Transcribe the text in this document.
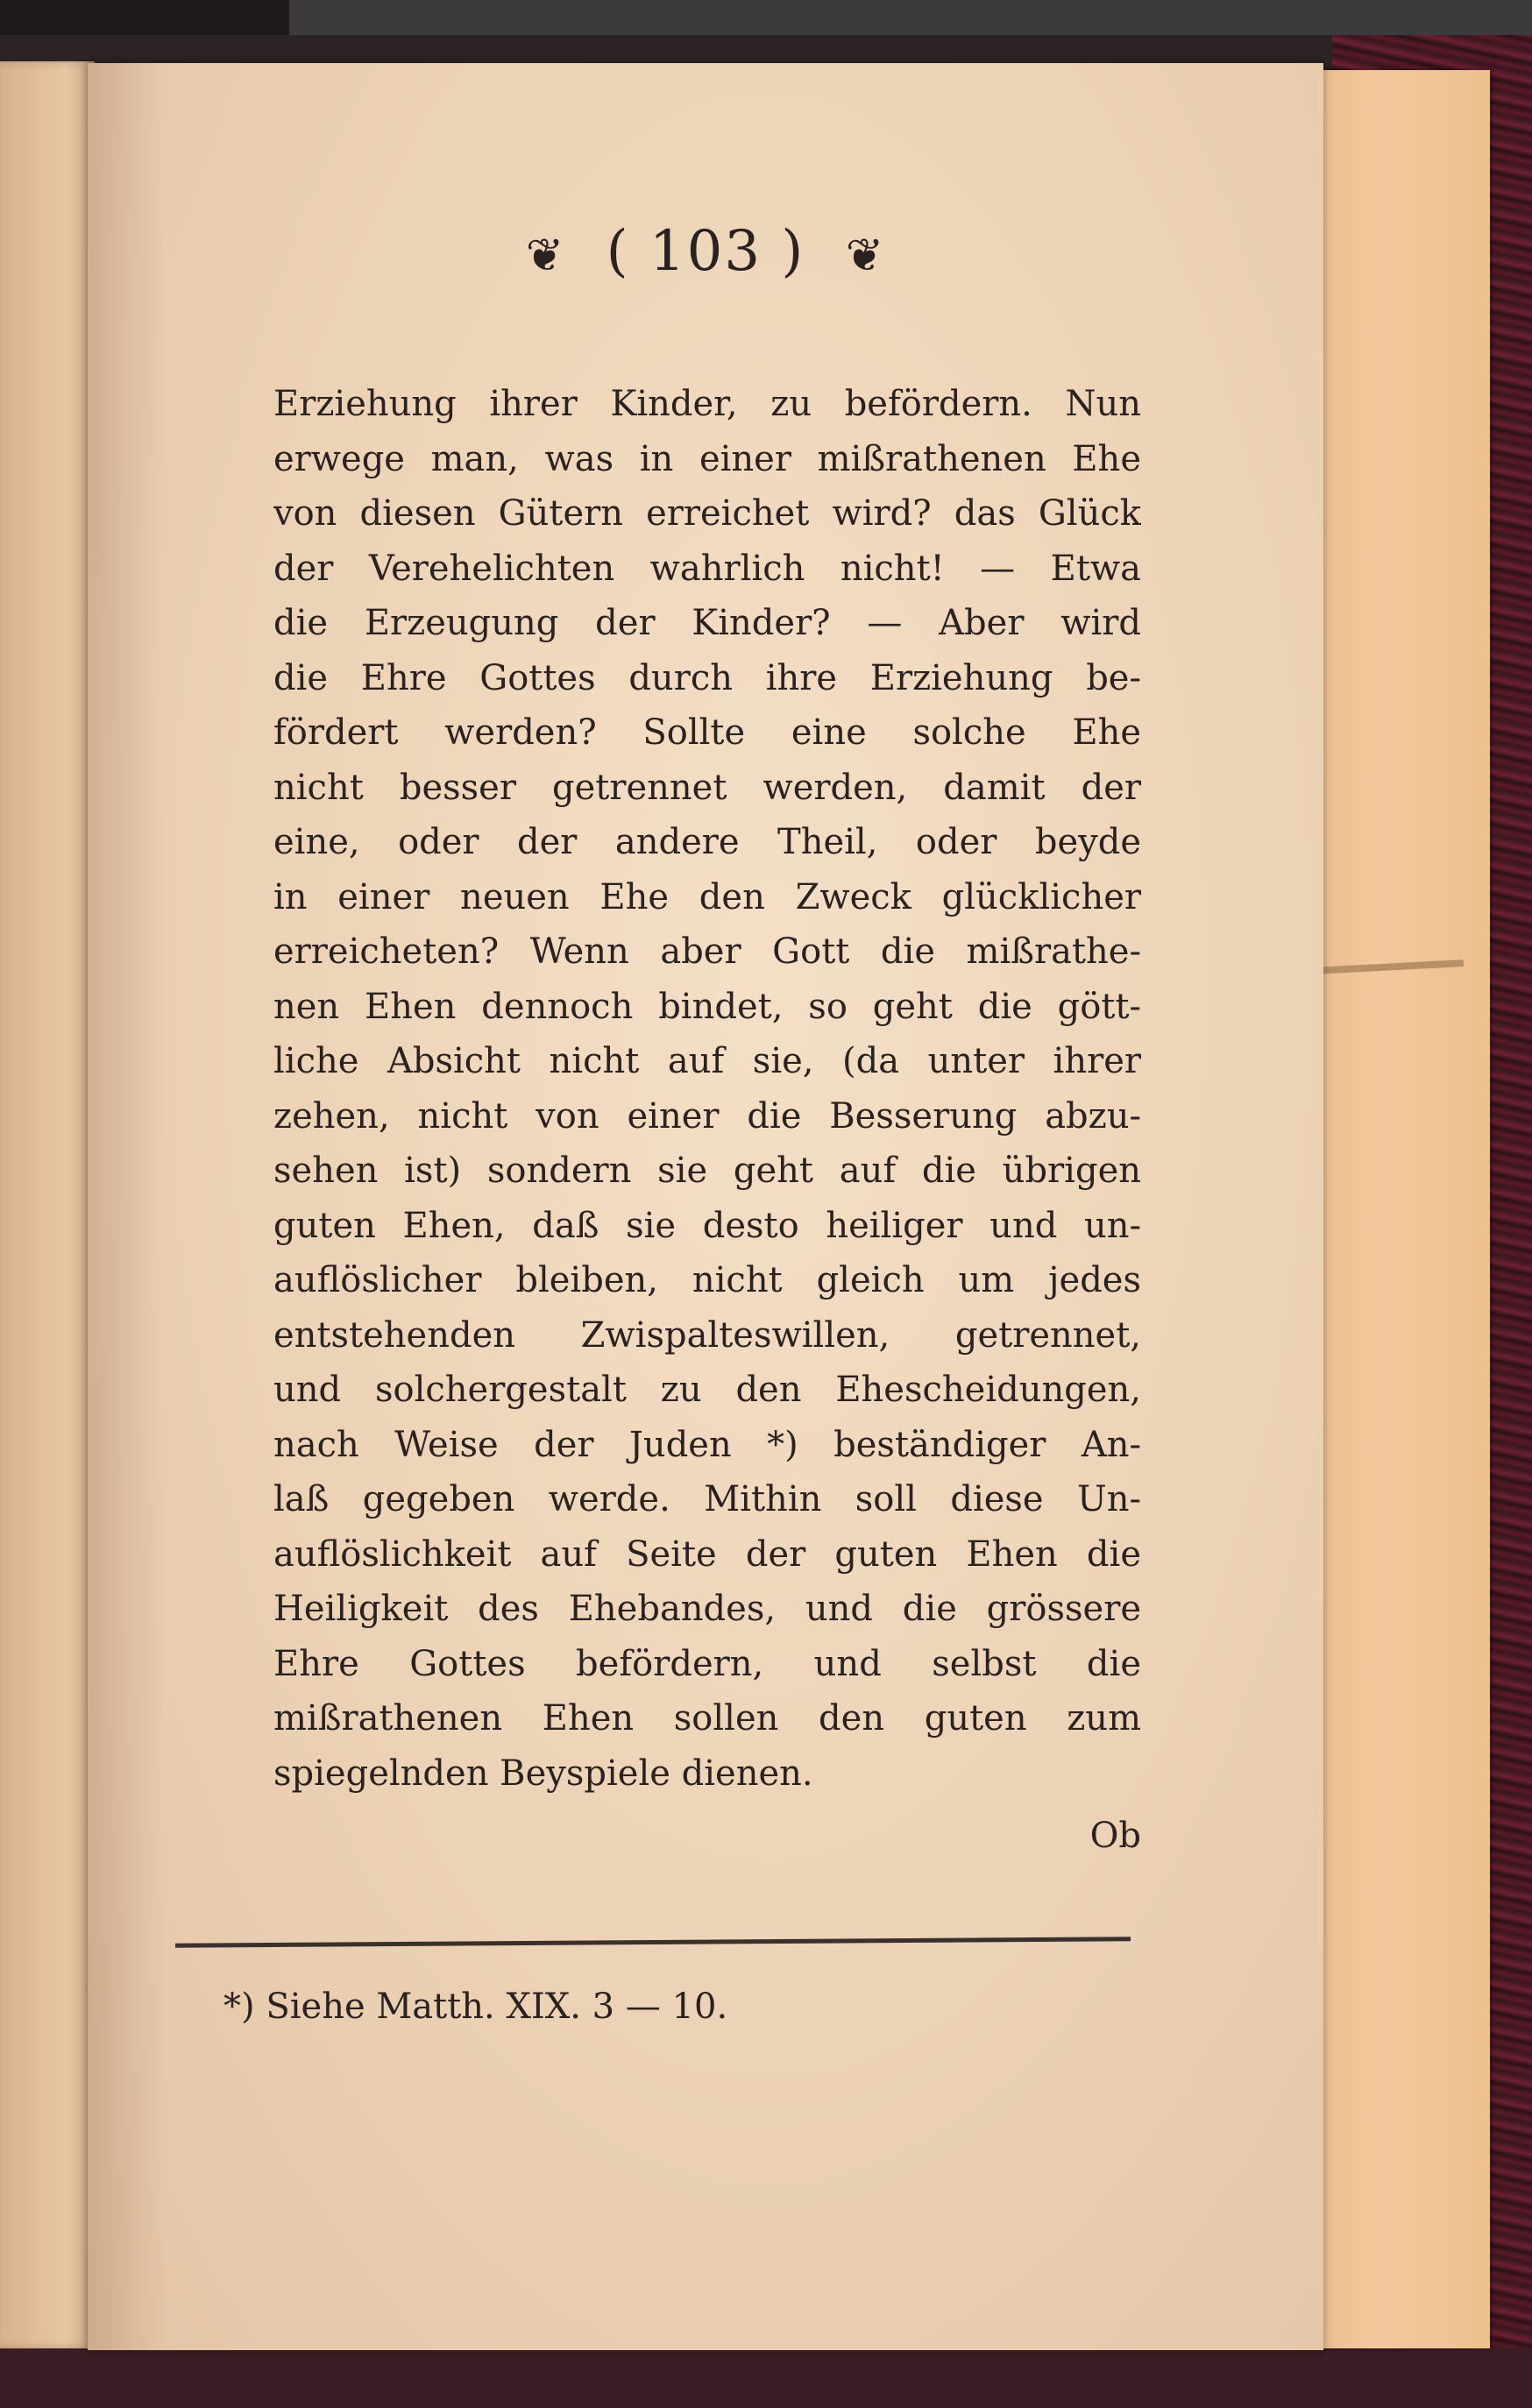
❦ ( 103 ) ❦
Erziehung ihrer Kinder, zu befördern. Nun
erwege man, was in einer mißrathenen Ehe
von diesen Gütern erreichet wird? das Glück
der Verehelichten wahrlich nicht! — Etwa
die Erzeugung der Kinder? — Aber wird
die Ehre Gottes durch ihre Erziehung be-
fördert werden? Sollte eine solche Ehe
nicht besser getrennet werden, damit der
eine, oder der andere Theil, oder beyde
in einer neuen Ehe den Zweck glücklicher
erreicheten? Wenn aber Gott die mißrathe-
nen Ehen dennoch bindet, so geht die gött-
liche Absicht nicht auf sie, (da unter ihrer
zehen, nicht von einer die Besserung abzu-
sehen ist) sondern sie geht auf die übrigen
guten Ehen, daß sie desto heiliger und un-
auflöslicher bleiben, nicht gleich um jedes
entstehenden Zwispalteswillen, getrennet,
und solchergestalt zu den Ehescheidungen,
nach Weise der Juden *) beständiger An-
laß gegeben werde. Mithin soll diese Un-
auflöslichkeit auf Seite der guten Ehen die
Heiligkeit des Ehebandes, und die grössere
Ehre Gottes befördern, und selbst die
mißrathenen Ehen sollen den guten zum
spiegelnden Beyspiele dienen.
Ob
*) Siehe Matth. XIX. 3 — 10.
